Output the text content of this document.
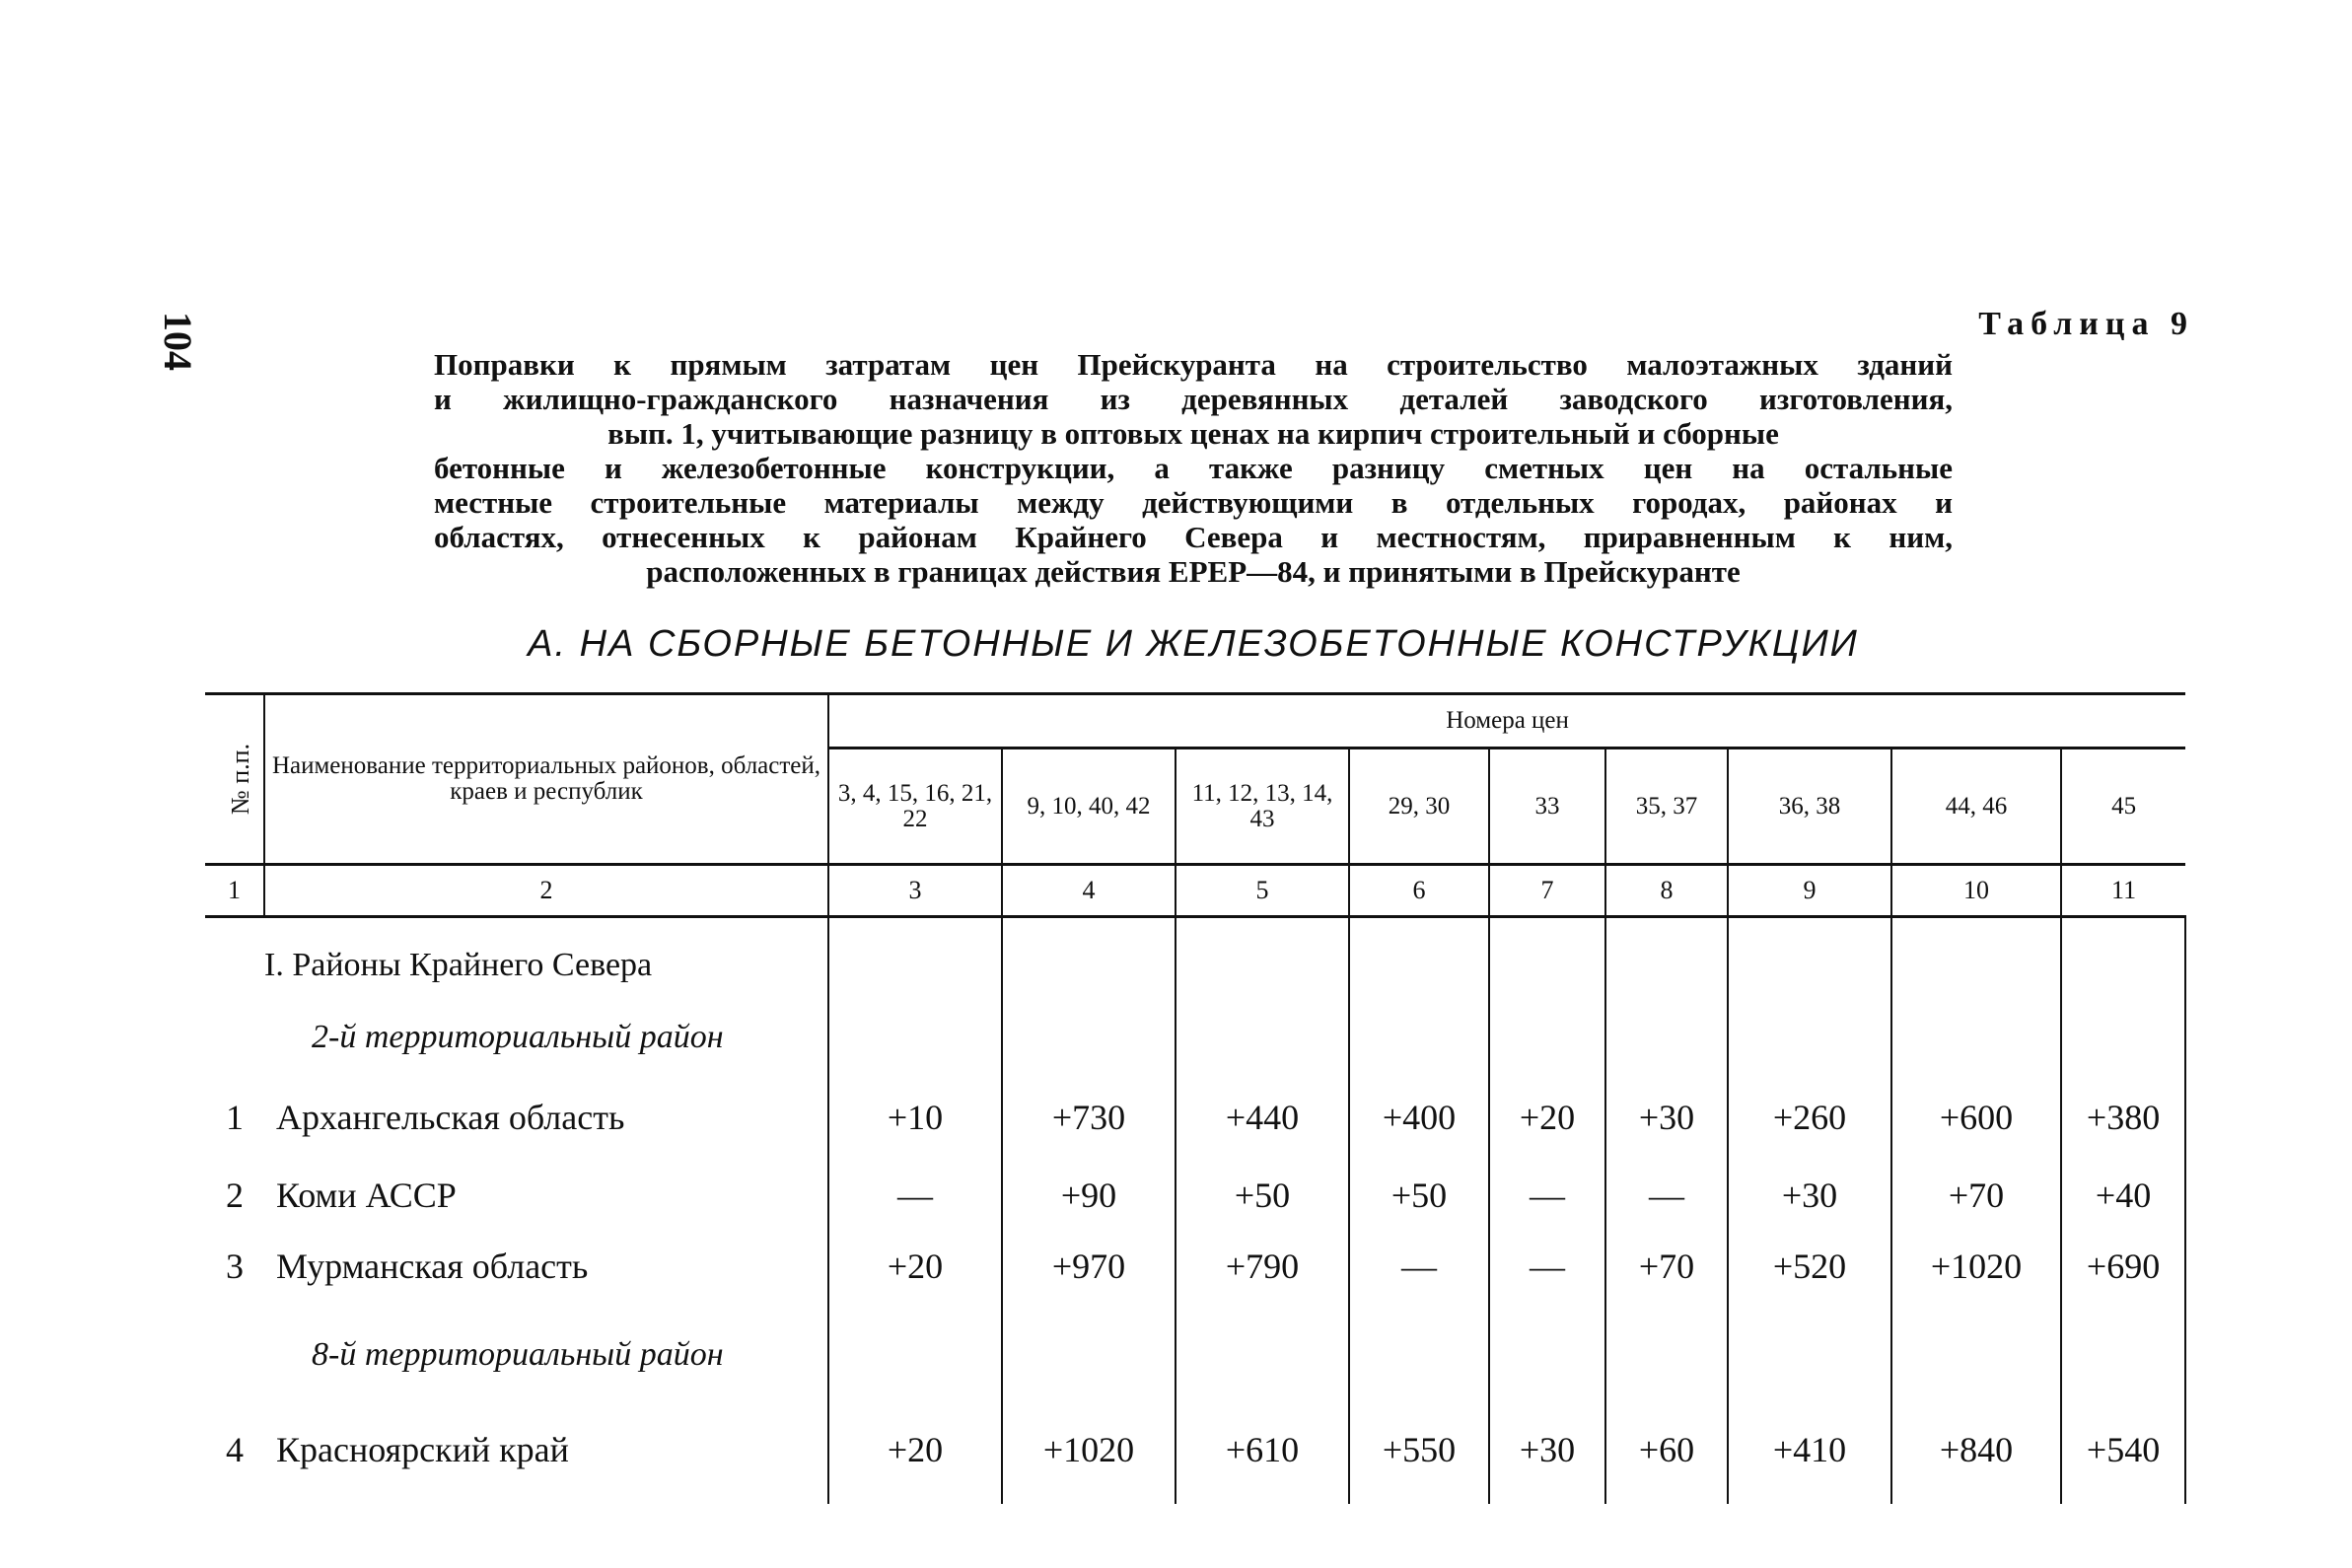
104	Таблица 9
Поправки к прямым затратам цен Прейскуранта на строительство малоэтажных зданий
и жилищно-гражданского назначения из деревянных деталей заводского изготовления,
вып. 1, учитывающие разницу в оптовых ценах на кирпич строительный и сборные
бетонные и железобетонные конструкции, а также разницу сметных цен на остальные
местные строительные материалы между действующими в отдельных городах, районах и
областях, отнесенных к районам Крайнего Севера и местностям, приравненным к ним,
расположенных в границах действия ЕРЕР—84, и принятыми в Прейскуранте
А. НА СБОРНЫЕ БЕТОННЫЕ И ЖЕЛЕЗОБЕТОННЫЕ КОНСТРУКЦИИ
№ п.п.	Наименование территориальных районов, областей, краев и республик	Номера цен								
		3, 4, 15, 16, 21, 22	9, 10, 40, 42	11, 12, 13, 14, 43	29, 30	33	35, 37	36, 38	44, 46	45
1	2	3	4	5	6	7	8	9	10	11

	I. Районы Крайнего Севера									
	2-й территориальный район									
1	Архангельская область	+10	+730	+440	+400	+20	+30	+260	+600	+380
2	Коми АССР	—	+90	+50	+50	—	—	+30	+70	+40
3	Мурманская область	+20	+970	+790	—	—	+70	+520	+1020	+690
	8-й территориальный район									
4	Красноярский край	+20	+1020	+610	+550	+30	+60	+410	+840	+540
